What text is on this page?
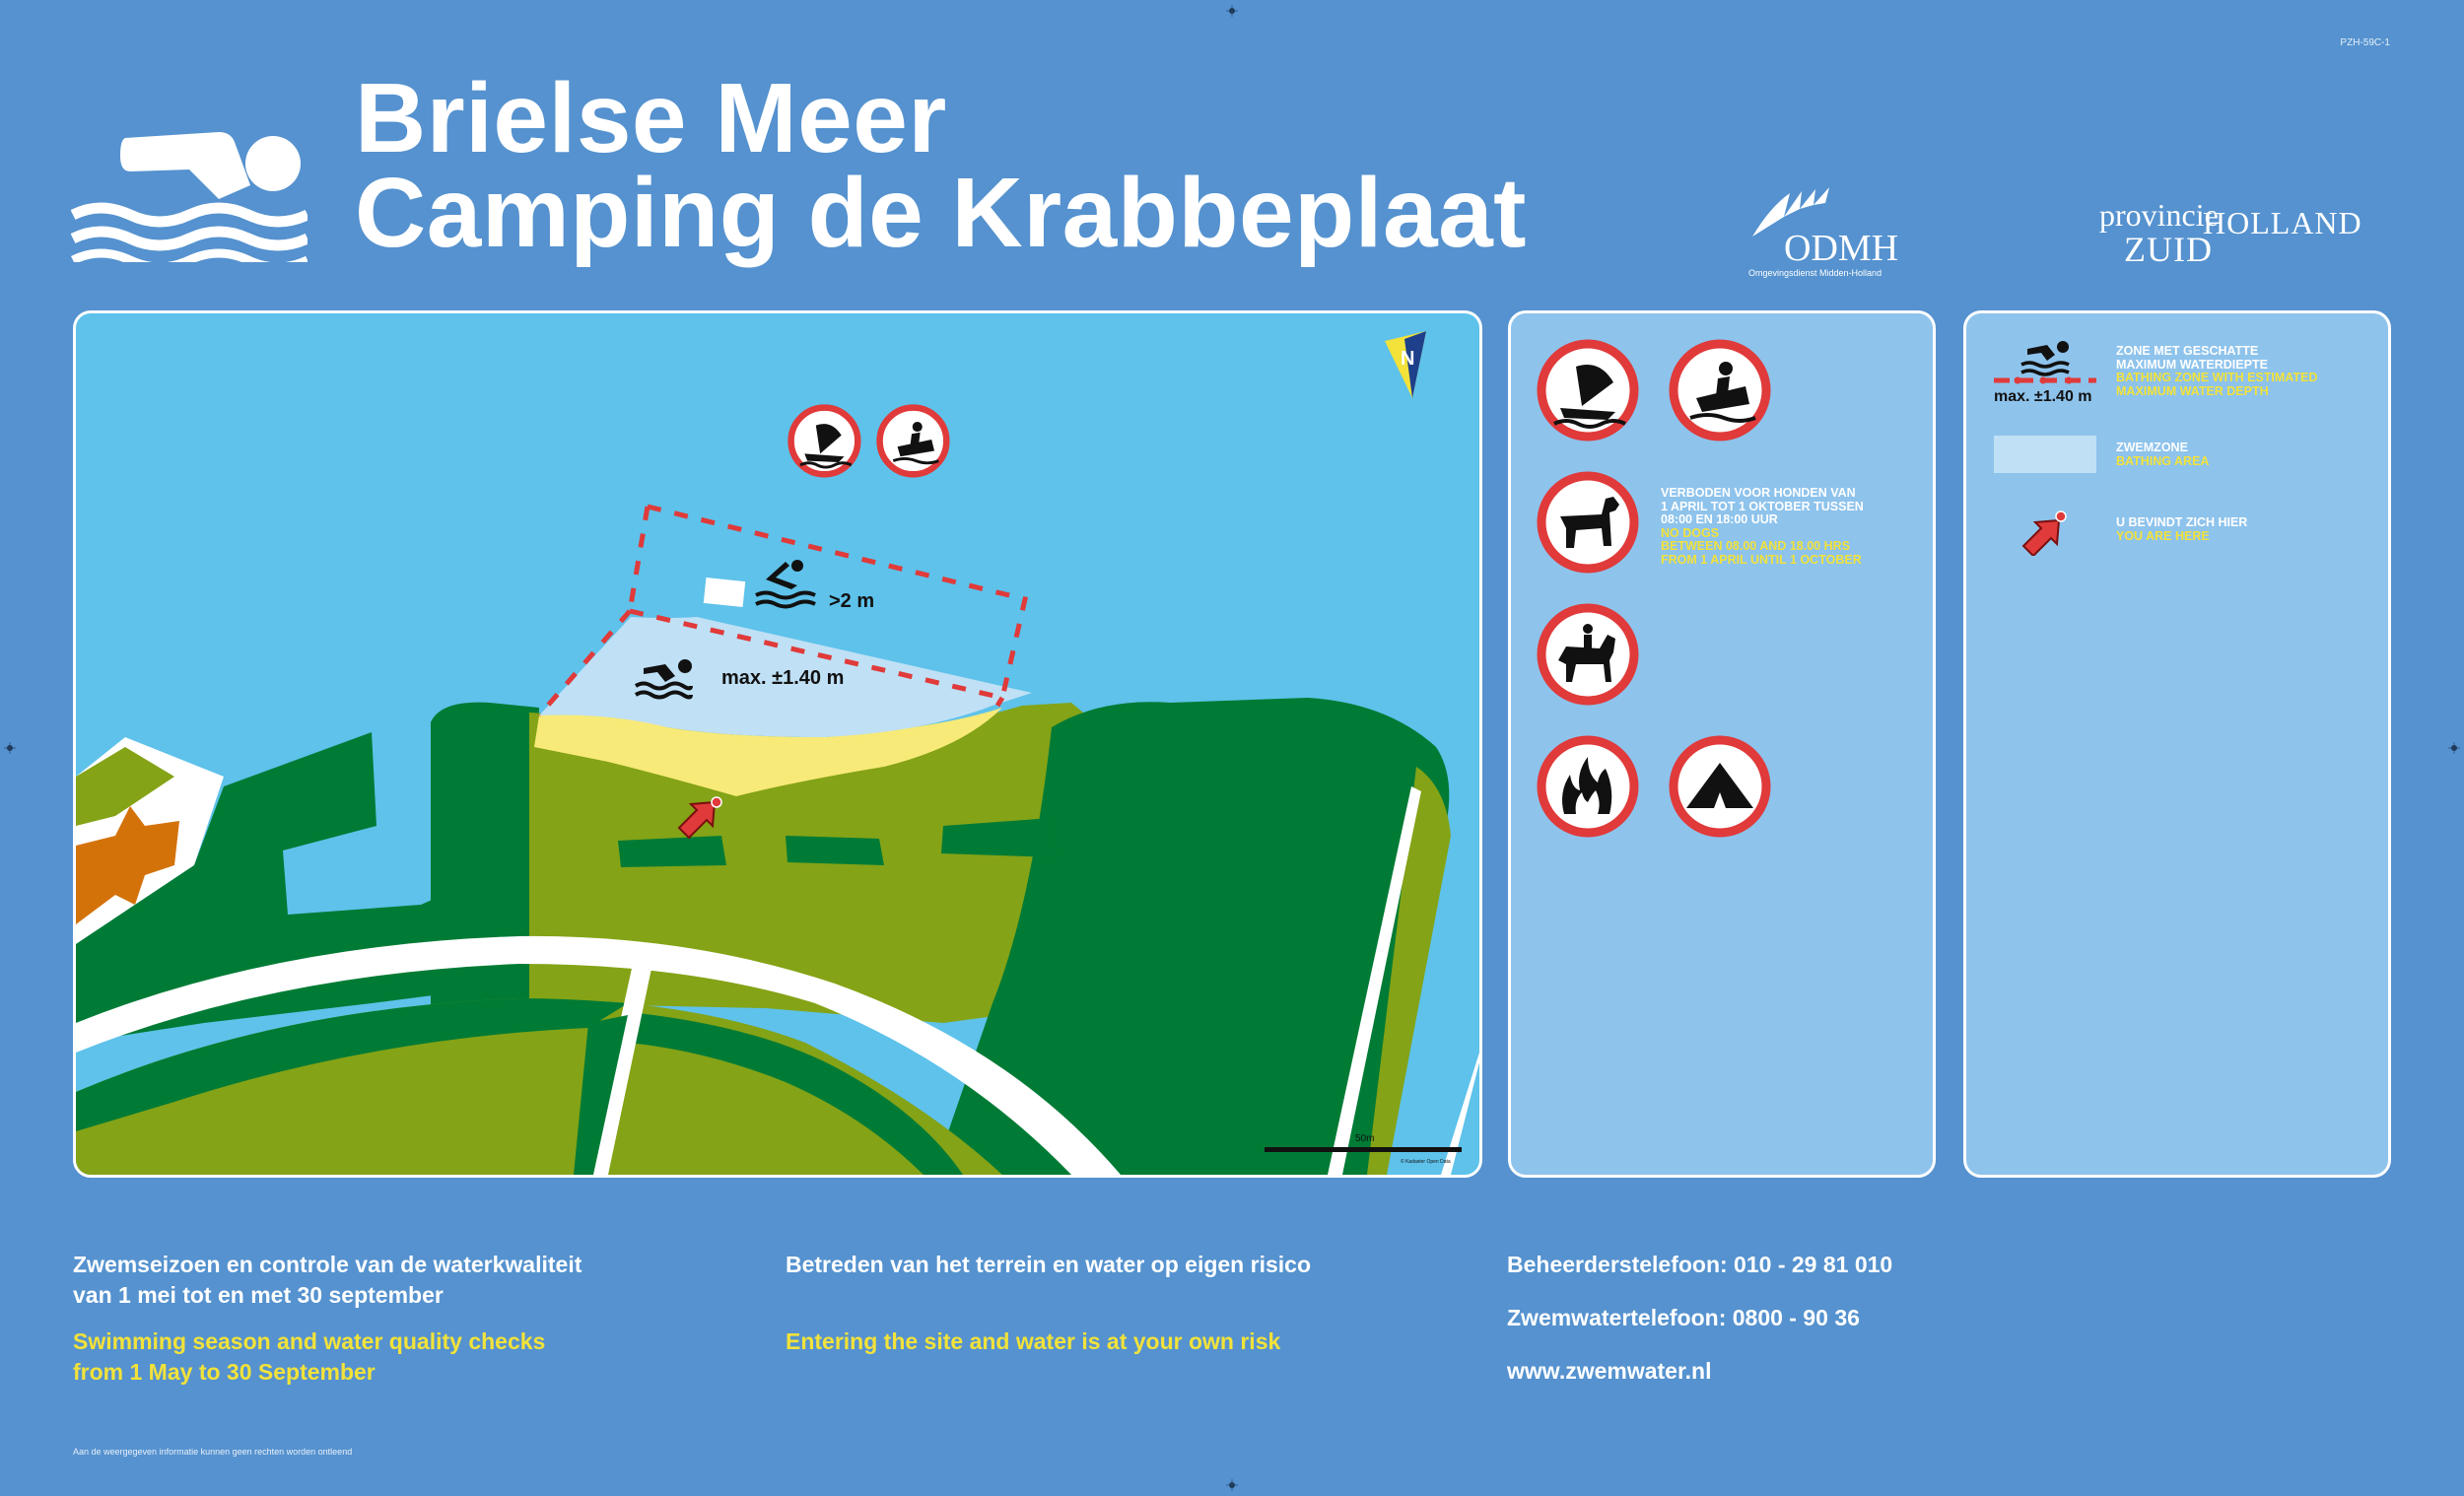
PZH-59C-1
Brielse Meer
Camping de Krabbeplaat	ODMH
Omgevingsdienst Midden-Holland
provincie
HOLLAND
ZUID
N
>2 m
max. ±1.40 m
50m
© Kadaster Open Data
VERBODEN VOOR HONDEN VAN
1 APRIL TOT 1 OKTOBER TUSSEN
08:00 EN 18:00 UUR
NO DOGS
BETWEEN 08.00 AND 18.00 HRS
FROM 1 APRIL UNTIL 1 OCTOBER
max. ±1.40 m
ZONE MET GESCHATTE
MAXIMUM WATERDIEPTE
BATHING ZONE WITH ESTIMATED
MAXIMUM WATER DEPTH
ZWEMZONE
BATHING AREA
U BEVINDT ZICH HIER
YOU ARE HERE
Zwemseizoen en controle van de waterkwaliteit
van 1 mei tot en met 30 september
Swimming season and water quality checks
from 1 May to 30 September
Betreden van het terrein en water op eigen risico
Entering the site and water is at your own risk
Beheerderstelefoon: 010 - 29 81 010
Zwemwatertelefoon: 0800 - 90 36
www.zwemwater.nl
Aan de weergegeven informatie kunnen geen rechten worden ontleend
